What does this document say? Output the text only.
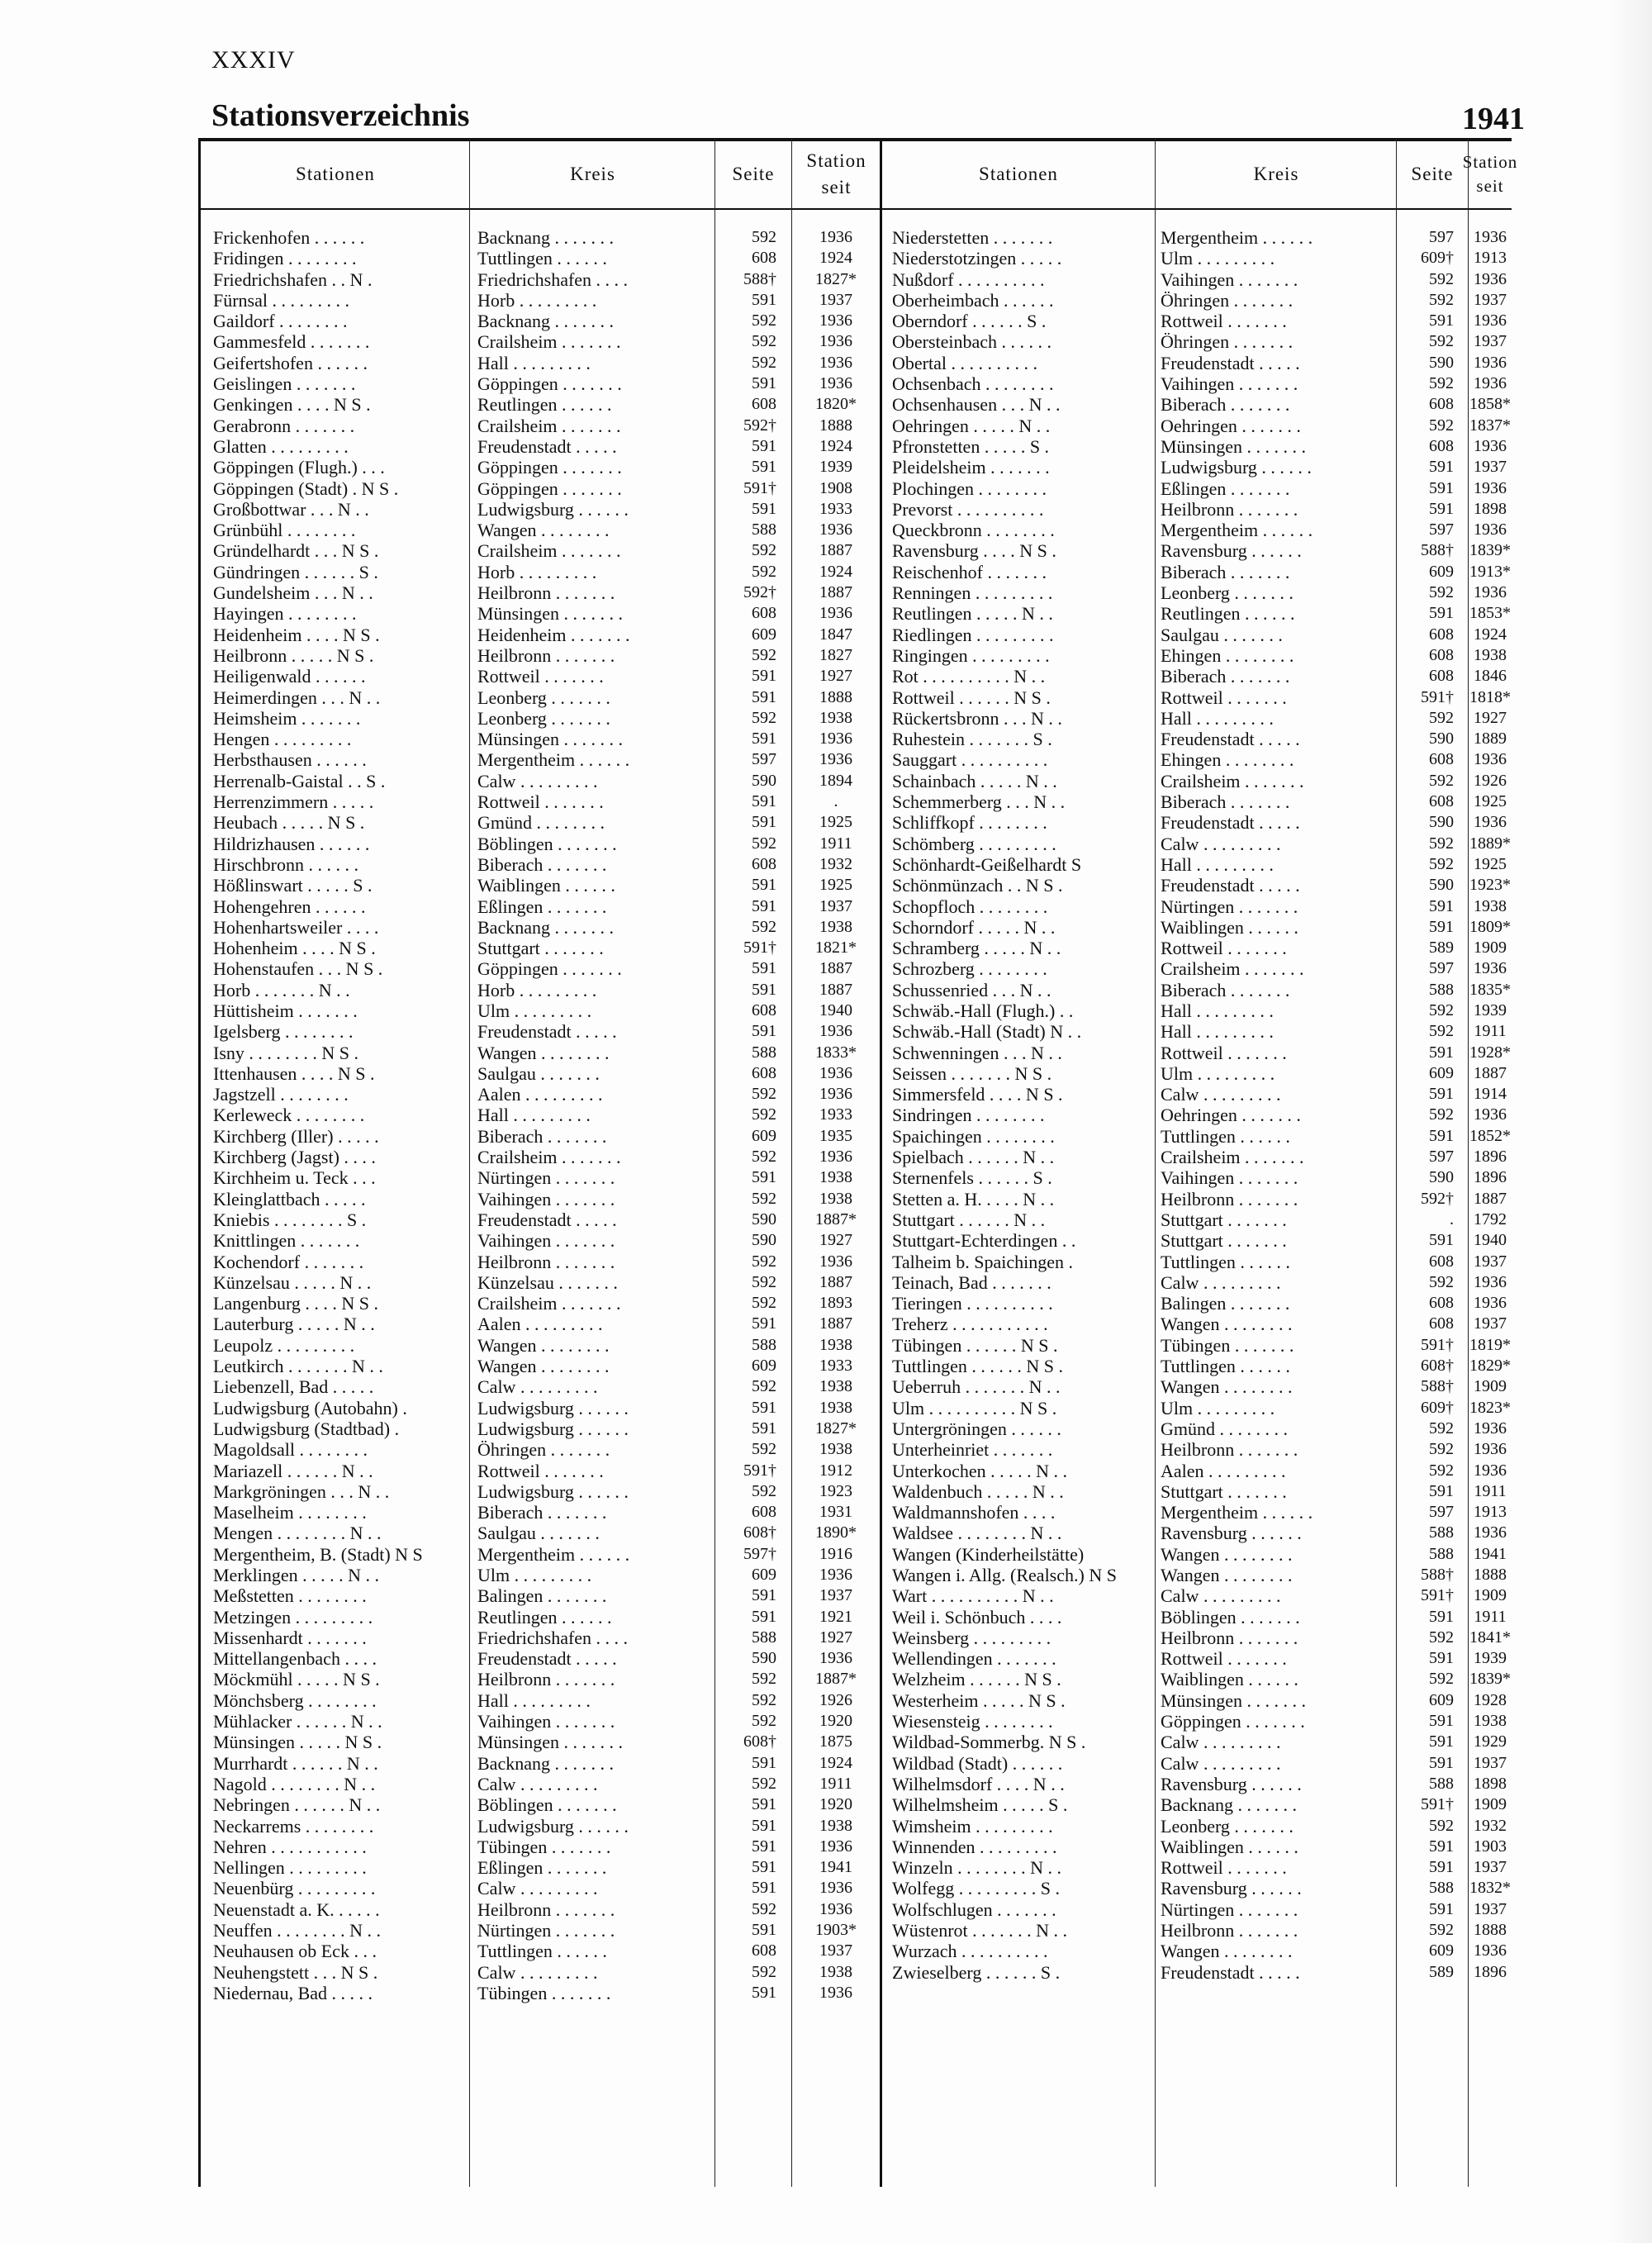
XXXIV
Stationsverzeichnis	1941
Stationen	Kreis	Seite
Station
seit
Stationen	Kreis	Seite
Station
seit
Frickenhofen . . . . . .	Backnang . . . . . . .	592	1936
Fridingen . . . . . . . .	Tuttlingen . . . . . .	608	1924
Friedrichshafen . . N .	Friedrichshafen . . . .	588†	1827*
Fürnsal . . . . . . . . .	Horb . . . . . . . . .	591	1937
Gaildorf . . . . . . . .	Backnang . . . . . . .	592	1936
Gammesfeld . . . . . . .	Crailsheim . . . . . . .	592	1936
Geifertshofen . . . . . .	Hall . . . . . . . . .	592	1936
Geislingen . . . . . . .	Göppingen . . . . . . .	591	1936
Genkingen . . . . N S .	Reutlingen . . . . . .	608	1820*
Gerabronn . . . . . . .	Crailsheim . . . . . . .	592†	1888
Glatten . . . . . . . . .	Freudenstadt . . . . .	591	1924
Göppingen (Flugh.) . . .	Göppingen . . . . . . .	591	1939
Göppingen (Stadt) . N S .	Göppingen . . . . . . .	591†	1908
Großbottwar . . . N . .	Ludwigsburg . . . . . .	591	1933
Grünbühl . . . . . . . .	Wangen . . . . . . . .	588	1936
Gründelhardt . . . N S .	Crailsheim . . . . . . .	592	1887
Gündringen . . . . . . S .	Horb . . . . . . . . .	592	1924
Gundelsheim . . . N . .	Heilbronn . . . . . . .	592†	1887
Hayingen . . . . . . . .	Münsingen . . . . . . .	608	1936
Heidenheim . . . . N S .	Heidenheim . . . . . . .	609	1847
Heilbronn . . . . . N S .	Heilbronn . . . . . . .	592	1827
Heiligenwald . . . . . .	Rottweil . . . . . . .	591	1927
Heimerdingen . . . N . .	Leonberg . . . . . . .	591	1888
Heimsheim . . . . . . .	Leonberg . . . . . . .	592	1938
Hengen . . . . . . . . .	Münsingen . . . . . . .	591	1936
Herbsthausen . . . . . .	Mergentheim . . . . . .	597	1936
Herrenalb-Gaistal . . S .	Calw . . . . . . . . .	590	1894
Herrenzimmern . . . . .	Rottweil . . . . . . .	591	.
Heubach . . . . . N S .	Gmünd . . . . . . . .	591	1925
Hildrizhausen . . . . . .	Böblingen . . . . . . .	592	1911
Hirschbronn . . . . . .	Biberach . . . . . . .	608	1932
Hößlinswart . . . . . S .	Waiblingen . . . . . .	591	1925
Hohengehren . . . . . .	Eßlingen . . . . . . .	591	1937
Hohenhartsweiler . . . .	Backnang . . . . . . .	592	1938
Hohenheim . . . . N S .	Stuttgart . . . . . . .	591†	1821*
Hohenstaufen . . . N S .	Göppingen . . . . . . .	591	1887
Horb . . . . . . . N . .	Horb . . . . . . . . .	591	1887
Hüttisheim . . . . . . .	Ulm . . . . . . . . .	608	1940
Igelsberg . . . . . . . .	Freudenstadt . . . . .	591	1936
Isny . . . . . . . . N S .	Wangen . . . . . . . .	588	1833*
Ittenhausen . . . . N S .	Saulgau . . . . . . .	608	1936
Jagstzell . . . . . . . .	Aalen . . . . . . . . .	592	1936
Kerleweck . . . . . . . .	Hall . . . . . . . . .	592	1933
Kirchberg (Iller) . . . . .	Biberach . . . . . . .	609	1935
Kirchberg (Jagst) . . . .	Crailsheim . . . . . . .	592	1936
Kirchheim u. Teck . . .	Nürtingen . . . . . . .	591	1938
Kleinglattbach . . . . .	Vaihingen . . . . . . .	592	1938
Kniebis . . . . . . . . S .	Freudenstadt . . . . .	590	1887*
Knittlingen . . . . . . .	Vaihingen . . . . . . .	590	1927
Kochendorf . . . . . . .	Heilbronn . . . . . . .	592	1936
Künzelsau . . . . . N . .	Künzelsau . . . . . . .	592	1887
Langenburg . . . . N S .	Crailsheim . . . . . . .	592	1893
Lauterburg . . . . . N . .	Aalen . . . . . . . . .	591	1887
Leupolz . . . . . . . . .	Wangen . . . . . . . .	588	1938
Leutkirch . . . . . . . N . .	Wangen . . . . . . . .	609	1933
Liebenzell, Bad . . . . .	Calw . . . . . . . . .	592	1938
Ludwigsburg (Autobahn) .	Ludwigsburg . . . . . .	591	1938
Ludwigsburg (Stadtbad) .	Ludwigsburg . . . . . .	591	1827*
Magoldsall . . . . . . . .	Öhringen . . . . . . .	592	1938
Mariazell . . . . . . N . .	Rottweil . . . . . . .	591†	1912
Markgröningen . . . N . .	Ludwigsburg . . . . . .	592	1923
Maselheim . . . . . . . .	Biberach . . . . . . .	608	1931
Mengen . . . . . . . . N . .	Saulgau . . . . . . .	608†	1890*
Mergentheim, B. (Stadt) N S	Mergentheim . . . . . .	597†	1916
Merklingen . . . . . N . .	Ulm . . . . . . . . .	609	1936
Meßstetten . . . . . . . .	Balingen . . . . . . .	591	1937
Metzingen . . . . . . . . .	Reutlingen . . . . . .	591	1921
Missenhardt . . . . . . .	Friedrichshafen . . . .	588	1927
Mittellangenbach . . . .	Freudenstadt . . . . .	590	1936
Möckmühl . . . . . N S .	Heilbronn . . . . . . .	592	1887*
Mönchsberg . . . . . . . .	Hall . . . . . . . . .	592	1926
Mühlacker . . . . . . N . .	Vaihingen . . . . . . .	592	1920
Münsingen . . . . . N S .	Münsingen . . . . . . .	608†	1875
Murrhardt . . . . . . N . .	Backnang . . . . . . .	591	1924
Nagold . . . . . . . . N . .	Calw . . . . . . . . .	592	1911
Nebringen . . . . . . N . .	Böblingen . . . . . . .	591	1920
Neckarrems . . . . . . . .	Ludwigsburg . . . . . .	591	1938
Nehren . . . . . . . . . . .	Tübingen . . . . . . .	591	1936
Nellingen . . . . . . . . .	Eßlingen . . . . . . .	591	1941
Neuenbürg . . . . . . . . .	Calw . . . . . . . . .	591	1936
Neuenstadt a. K. . . . . .	Heilbronn . . . . . . .	592	1936
Neuffen . . . . . . . . N . .	Nürtingen . . . . . . .	591	1903*
Neuhausen ob Eck . . .	Tuttlingen . . . . . .	608	1937
Neuhengstett . . . N S .	Calw . . . . . . . . .	592	1938
Niedernau, Bad . . . . .	Tübingen . . . . . . .	591	1936
Niederstetten . . . . . . .	Mergentheim . . . . . .	597	1936
Niederstotzingen . . . . .	Ulm . . . . . . . . .	609†	1913
Nußdorf . . . . . . . . . .	Vaihingen . . . . . . .	592	1936
Oberheimbach . . . . . .	Öhringen . . . . . . .	592	1937
Oberndorf . . . . . . S .	Rottweil . . . . . . .	591	1936
Obersteinbach . . . . . .	Öhringen . . . . . . .	592	1937
Obertal . . . . . . . . . .	Freudenstadt . . . . .	590	1936
Ochsenbach . . . . . . . .	Vaihingen . . . . . . .	592	1936
Ochsenhausen . . . N . .	Biberach . . . . . . .	608 1858*
Oehringen . . . . . N . .	Oehringen . . . . . . .	592 1837*
Pfronstetten . . . . . S .	Münsingen . . . . . . .	608	1936
Pleidelsheim . . . . . . .	Ludwigsburg . . . . . .	591	1937
Plochingen . . . . . . . .	Eßlingen . . . . . . .	591	1936
Prevorst . . . . . . . . . .	Heilbronn . . . . . . .	591	1898
Queckbronn . . . . . . . .	Mergentheim . . . . . .	597	1936
Ravensburg . . . . N S .	Ravensburg . . . . . .	588† 1839*
Reischenhof . . . . . . .	Biberach . . . . . . .	609 1913*
Renningen . . . . . . . . .	Leonberg . . . . . . .	592	1936
Reutlingen . . . . . N . .	Reutlingen . . . . . .	591 1853*
Riedlingen . . . . . . . . .	Saulgau . . . . . . .	608	1924
Ringingen . . . . . . . . .	Ehingen . . . . . . . .	608	1938
Rot . . . . . . . . . . N . .	Biberach . . . . . . .	608	1846
Rottweil . . . . . . N S .	Rottweil . . . . . . .	591† 1818*
Rückertsbronn . . . N . .	Hall . . . . . . . . .	592	1927
Ruhestein . . . . . . . S .	Freudenstadt . . . . .	590	1889
Sauggart . . . . . . . . . .	Ehingen . . . . . . . .	608	1936
Schainbach . . . . . N . .	Crailsheim . . . . . . .	592	1926
Schemmerberg . . . N . .	Biberach . . . . . . .	608	1925
Schliffkopf . . . . . . . .	Freudenstadt . . . . .	590	1936
Schömberg . . . . . . . . .	Calw . . . . . . . . .	592 1889*
Schönhardt-Geißelhardt S	Hall . . . . . . . . .	592	1925
Schönmünzach . . N S .	Freudenstadt . . . . .	590 1923*
Schopfloch . . . . . . . .	Nürtingen . . . . . . .	591	1938
Schorndorf . . . . . N . .	Waiblingen . . . . . .	591 1809*
Schramberg . . . . . N . .	Rottweil . . . . . . .	589	1909
Schrozberg . . . . . . . .	Crailsheim . . . . . . .	597	1936
Schussenried . . . N . .	Biberach . . . . . . .	588 1835*
Schwäb.-Hall (Flugh.) . .	Hall . . . . . . . . .	592	1939
Schwäb.-Hall (Stadt) N . .	Hall . . . . . . . . .	592	1911
Schwenningen . . . N . .	Rottweil . . . . . . .	591 1928*
Seissen . . . . . . . N S .	Ulm . . . . . . . . .	609	1887
Simmersfeld . . . . N S .	Calw . . . . . . . . .	591	1914
Sindringen . . . . . . . .	Oehringen . . . . . . .	592	1936
Spaichingen . . . . . . . .	Tuttlingen . . . . . .	591 1852*
Spielbach . . . . . . N . .	Crailsheim . . . . . . .	597	1896
Sternenfels . . . . . . S .	Vaihingen . . . . . . .	590	1896
Stetten a. H. . . . . N . .	Heilbronn . . . . . . .	592†	1887
Stuttgart . . . . . . N . .	Stuttgart . . . . . . .	.	1792
Stuttgart-Echterdingen . .	Stuttgart . . . . . . .	591	1940
Talheim b. Spaichingen .	Tuttlingen . . . . . .	608	1937
Teinach, Bad . . . . . . .	Calw . . . . . . . . .	592	1936
Tieringen . . . . . . . . . .	Balingen . . . . . . .	608	1936
Treherz . . . . . . . . . . .	Wangen . . . . . . . .	608	1937
Tübingen . . . . . . N S .	Tübingen . . . . . . .	591† 1819*
Tuttlingen . . . . . . N S .	Tuttlingen . . . . . .	608† 1829*
Ueberruh . . . . . . . N . .	Wangen . . . . . . . .	588†	1909
Ulm . . . . . . . . . . N S .	Ulm . . . . . . . . .	609† 1823*
Untergröningen . . . . . .	Gmünd . . . . . . . .	592	1936
Unterheinriet . . . . . . .	Heilbronn . . . . . . .	592	1936
Unterkochen . . . . . N . .	Aalen . . . . . . . . .	592	1936
Waldenbuch . . . . . N . .	Stuttgart . . . . . . .	591	1911
Waldmannshofen . . . .	Mergentheim . . . . . .	597	1913
Waldsee . . . . . . . . N . .	Ravensburg . . . . . .	588	1936
Wangen (Kinderheilstätte)	Wangen . . . . . . . .	588	1941
Wangen i. Allg. (Realsch.) N S	Wangen . . . . . . . .	588†	1888
Wart . . . . . . . . . . N . .	Calw . . . . . . . . .	591†	1909
Weil i. Schönbuch . . . .	Böblingen . . . . . . .	591	1911
Weinsberg . . . . . . . . .	Heilbronn . . . . . . .	592 1841*
Wellendingen . . . . . . .	Rottweil . . . . . . .	591	1939
Welzheim . . . . . . N S .	Waiblingen . . . . . .	592 1839*
Westerheim . . . . . N S .	Münsingen . . . . . . .	609	1928
Wiesensteig . . . . . . . .	Göppingen . . . . . . .	591	1938
Wildbad-Sommerbg. N S .	Calw . . . . . . . . .	591	1929
Wildbad (Stadt) . . . . . .	Calw . . . . . . . . .	591	1937
Wilhelmsdorf . . . . N . .	Ravensburg . . . . . .	588	1898
Wilhelmsheim . . . . . S .	Backnang . . . . . . .	591†	1909
Wimsheim . . . . . . . . .	Leonberg . . . . . . .	592	1932
Winnenden . . . . . . . . .	Waiblingen . . . . . .	591	1903
Winzeln . . . . . . . . N . .	Rottweil . . . . . . .	591	1937
Wolfegg . . . . . . . . . S .	Ravensburg . . . . . .	588 1832*
Wolfschlugen . . . . . . .	Nürtingen . . . . . . .	591	1937
Wüstenrot . . . . . . . N . .	Heilbronn . . . . . . .	592	1888
Wurzach . . . . . . . . . .	Wangen . . . . . . . .	609	1936
Zwieselberg . . . . . . S .	Freudenstadt . . . . .	589	1896
